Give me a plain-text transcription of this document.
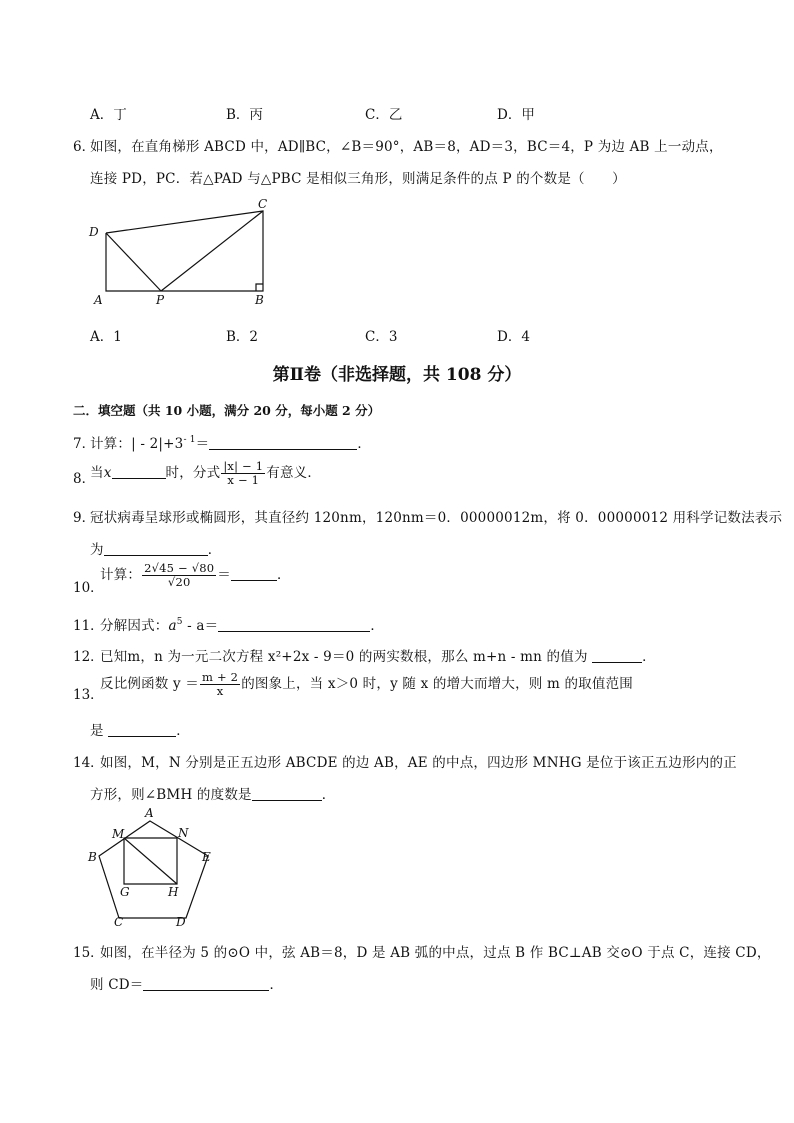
A．丁	B．丙	C．乙	D．甲
6．
如图，在直角梯形 ABCD 中，AD∥BC，∠B＝90°，AB＝8，AD＝3，BC＝4，P 为边 AB 上一动点，
连接 PD，PC．若△PAD 与△PBC 是相似三角形，则满足条件的点 P 的个数是（　　）
D
C
A	P	B
A．1	B．2	C．3	D．4
第Ⅱ卷（非选择题，共 108 分）
二．填空题（共 10 小题，满分 20 分，每小题 2 分）
7．
计算：| - $2|+3^{- 1}=$	．
8．
当x	时，分式 $\frac{|x| - 1}{x - 1}$ 有意义．
9．
冠状病毒呈球形或椭圆形，其直径约 120nm，120nm＝0．00000012m，将 0．00000012 用科学记数法表示
为	．
10．
计算： $\frac{2√45 - √80}{√20}$ ＝	．
11．
分解因式：$a^5 - a=$	．
12．
已知m，n 为一元二次方程 x²+2x - 9＝0 的两实数根，那么 m+n - mn 的值为	．
13．
反比例函数 $y = \frac{m + 2}{x}$ 的图象上，当 x＞0 时，y 随 x 的增大而增大，则 m 的取值范围
是	．
14．
如图，M，N 分别是正五边形 ABCDE 的边 AB，AE 的中点，四边形 MNHG 是位于该正五边形内的正
方形，则∠BMH 的度数是	．
A
M	N
B	E
G	H
C	D
15．
如图，在半径为 5 的⊙O 中，弦 AB＝8，D 是 AB 弧的中点，过点 B 作 BC⊥AB 交⊙O 于点 C，连接 CD，
则 CD＝	．
